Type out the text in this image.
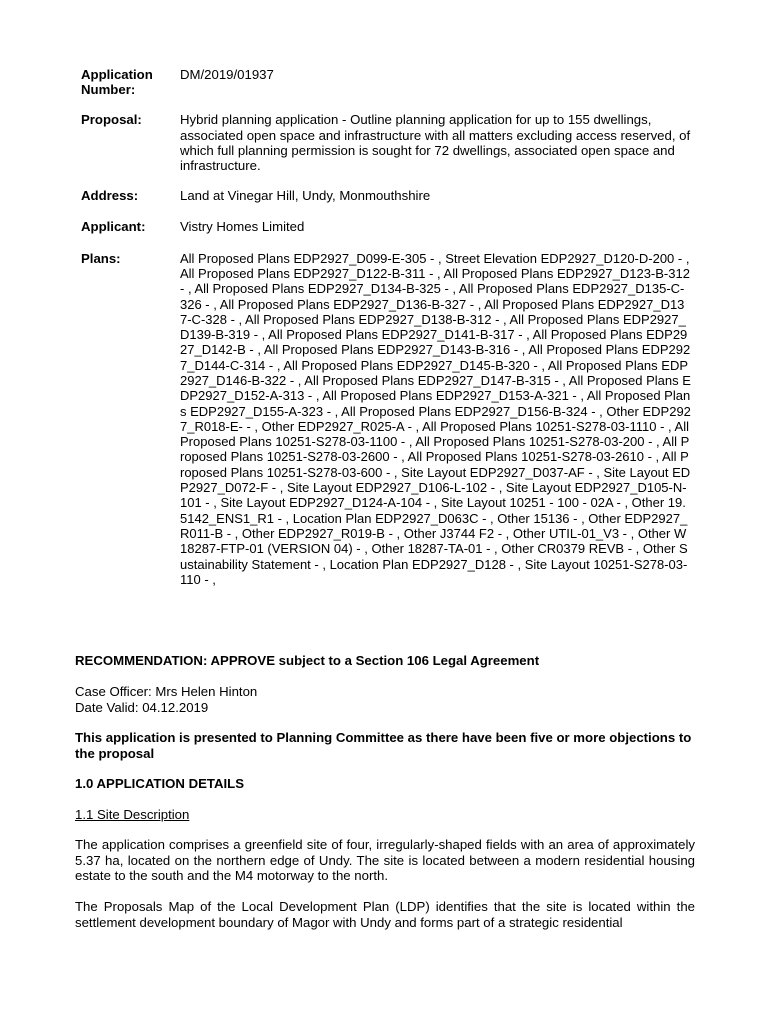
Application Number:
DM/2019/01937
Proposal:	Hybrid planning application - Outline planning application for up to 155 dwellings, associated open space and infrastructure with all matters excluding access reserved, of which full planning permission is sought for 72 dwellings, associated open space and infrastructure.
Address:	Land at Vinegar Hill, Undy, Monmouthshire
Applicant:	Vistry Homes Limited
Plans:	All Proposed Plans EDP2927_D099-E-305 - , Street Elevation EDP2927_D120-D-200 - , All Proposed Plans EDP2927_D122-B-311 - , All Proposed Plans EDP2927_D123-B-312 - , All Proposed Plans EDP2927_D134-B-325 - , All Proposed Plans EDP2927_D135-C-326 - , All Proposed Plans EDP2927_D136-B-327 - , All Proposed Plans EDP2927_D137-C-328 - , All Proposed Plans EDP2927_D138-B-312 - , All Proposed Plans EDP2927_D139-B-319 - , All Proposed Plans EDP2927_D141-B-317 - , All Proposed Plans EDP2927_D142-B - , All Proposed Plans EDP2927_D143-B-316 - , All Proposed Plans EDP2927_D144-C-314 - , All Proposed Plans EDP2927_D145-B-320 - , All Proposed Plans EDP2927_D146-B-322 - , All Proposed Plans EDP2927_D147-B-315 - , All Proposed Plans EDP2927_D152-A-313 - , All Proposed Plans EDP2927_D153-A-321 - , All Proposed Plans EDP2927_D155-A-323 - , All Proposed Plans EDP2927_D156-B-324 - , Other EDP2927_R018-E- - , Other EDP2927_R025-A - , All Proposed Plans 10251-S278-03-1110 - , All Proposed Plans 10251-S278-03-1100 - , All Proposed Plans 10251-S278-03-200 - , All Proposed Plans 10251-S278-03-2600 - , All Proposed Plans 10251-S278-03-2610 - , All Proposed Plans 10251-S278-03-600 - , Site Layout EDP2927_D037-AF - , Site Layout EDP2927_D072-F - , Site Layout EDP2927_D106-L-102 - , Site Layout EDP2927_D105-N-101 - , Site Layout EDP2927_D124-A-104 - , Site Layout 10251 - 100 - 02A - , Other 19.5142_ENS1_R1 - , Location Plan EDP2927_D063C - , Other 15136 - , Other EDP2927_R011-B - , Other EDP2927_R019-B - , Other J3744 F2 - , Other UTIL-01_V3 - , Other W18287-FTP-01 (VERSION 04) - , Other 18287-TA-01 - , Other CR0379 REVB - , Other Sustainability Statement - , Location Plan EDP2927_D128 - , Site Layout 10251-S278-03-110 - ,
RECOMMENDATION: APPROVE subject to a Section 106 Legal Agreement
Case Officer: Mrs Helen Hinton
Date Valid: 04.12.2019
This application is presented to Planning Committee as there have been five or more objections to the proposal
1.0 APPLICATION DETAILS
1.1 Site Description
The application comprises a greenfield site of four, irregularly-shaped fields with an area of approximately 5.37 ha, located on the northern edge of Undy. The site is located between a modern residential housing estate to the south and the M4 motorway to the north.
The Proposals Map of the Local Development Plan (LDP) identifies that the site is located within the settlement development boundary of Magor with Undy and forms part of a strategic residential
